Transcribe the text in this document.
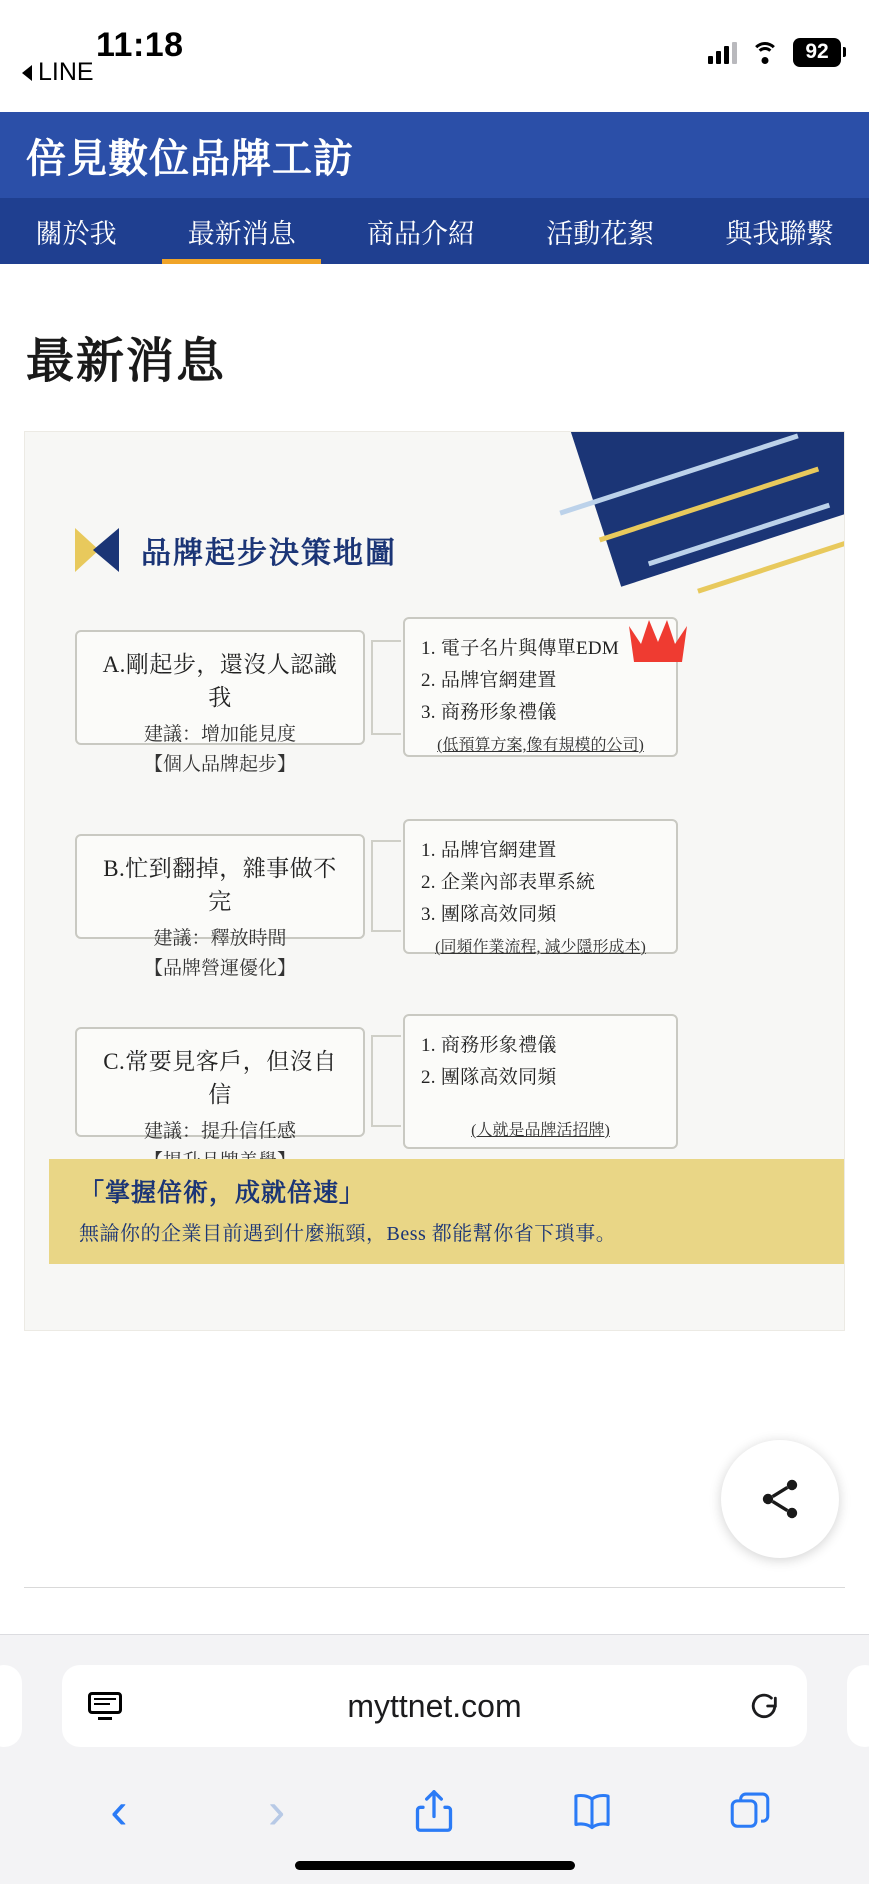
LINE
11:18	92
倍見數位品牌工訪
關於我	最新消息	商品介紹	活動花絮	與我聯繫
最新消息
品牌起步決策地圖
A.剛起步，還沒人認識我
建議：增加能見度
【個人品牌起步】
1. 電子名片與傳單EDM
2. 品牌官網建置
3. 商務形象禮儀
(低預算方案,像有規模的公司)
B.忙到翻掉，雜事做不完
建議：釋放時間
【品牌營運優化】
1. 品牌官網建置
2. 企業內部表單系統
3. 團隊高效同頻
(同頻作業流程, 減少隱形成本)
C.常要見客戶，但沒自信
建議：提升信任感
1. 商務形象禮儀
2. 團隊高效同頻
(人就是品牌活招牌)
「掌握倍術，成就倍速」
無論你的企業目前遇到什麼瓶頸，Bess 都能幫你省下瑣事。
myttnet.com
‹	›
